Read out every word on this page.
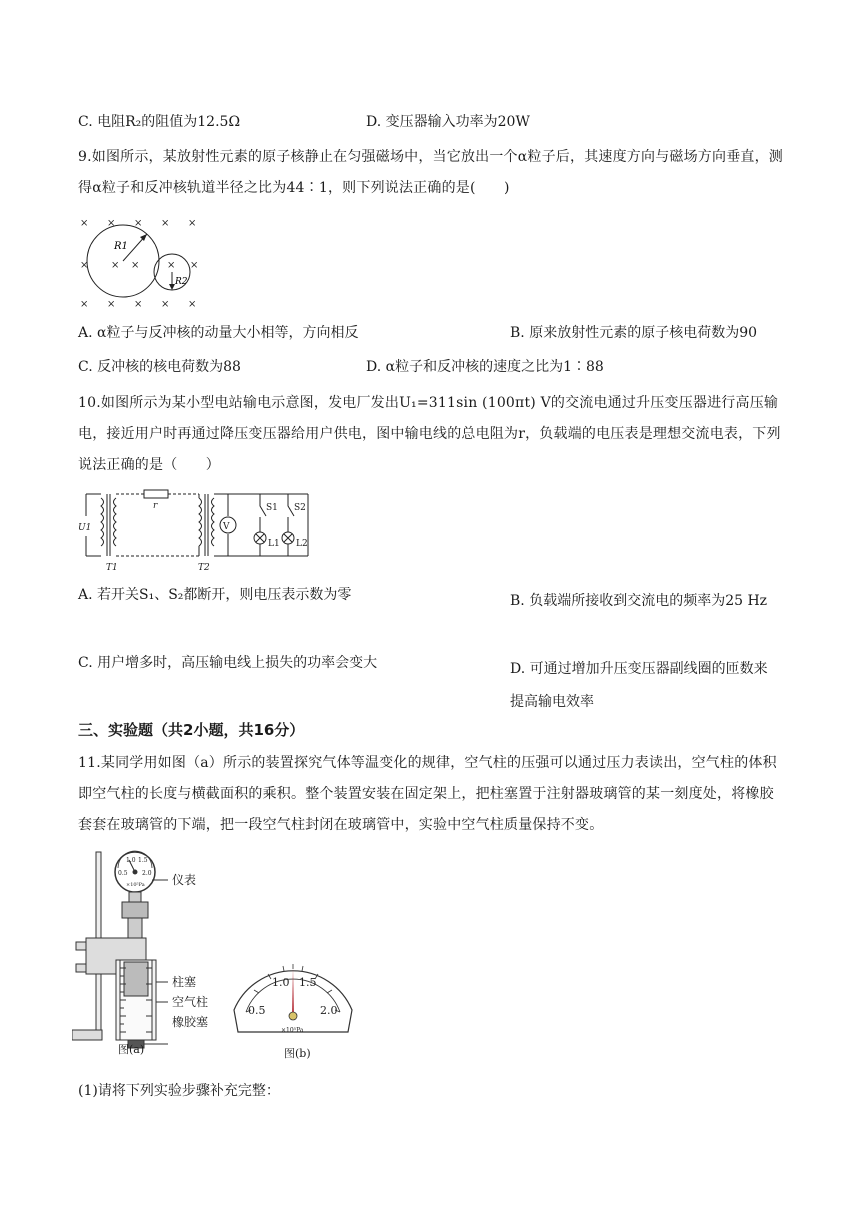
C. 电阻R₂的阻值为12.5Ω	D. 变压器输入功率为20W
9.如图所示，某放射性元素的原子核静止在匀强磁场中，当它放出一个α粒子后，其速度方向与磁场方向垂直，测得α粒子和反冲核轨道半径之比为44∶1，则下列说法正确的是(　　)
× × × × ×
× × ×	× ×
× × × × ×
R1
R2
A. α粒子与反冲核的动量大小相等，方向相反	B. 原来放射性元素的原子核电荷数为90
C. 反冲核的核电荷数为88	D. α粒子和反冲核的速度之比为1∶88
10.如图所示为某小型电站输电示意图，发电厂发出U₁=311sin (100πt) V的交流电通过升压变压器进行高压输电，接近用户时再通过降压变压器给用户供电，图中输电线的总电阻为r，负载端的电压表是理想交流电表，下列说法正确的是（　　）
U1
r
V
S1 S2
L1 L2
T1	T2
A. 若开关S₁、S₂都断开，则电压表示数为零	B. 负载端所接收到交流电的频率为25 Hz
C. 用户增多时，高压输电线上损失的功率会变大	D. 可通过增加升压变压器副线圈的匝数来提高输电效率
三、实验题（共2小题，共16分）
11.某同学用如图（a）所示的装置探究气体等温变化的规律，空气柱的压强可以通过压力表读出，空气柱的体积即空气柱的长度与横截面积的乘积。整个装置安装在固定架上，把柱塞置于注射器玻璃管的某一刻度处，将橡胶套套在玻璃管的下端，把一段空气柱封闭在玻璃管中，实验中空气柱质量保持不变。
0.5
1.0 1.5
2.0
×10⁵Pa 仪表
柱塞
空气柱
橡胶塞
图(a)
0.5
1.0 1.5
2.0
×10⁵Pa
图(b)
(1)请将下列实验步骤补充完整：
